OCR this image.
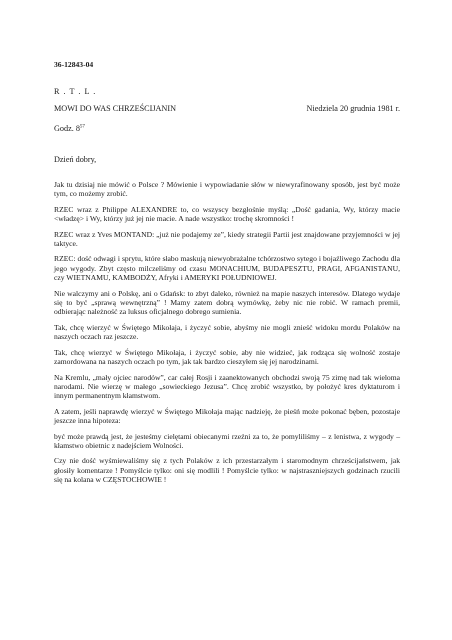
36-12843-04
R . T . L .
MOWI DO WAS CHRZEŚCIJANIN	Niedziela 20 grudnia 1981 r.
Godz. $8^{57}$
Dzień dobry,

Jak tu dzisiaj nie mówić o Polsce ? Mówienie i wypowiadanie słów w niewyrafinowany sposób, jest być może tym, co możemy zrobić.

RZEC wraz z Philippe ALEXANDRE to, co wszyscy bezgłośnie myślą: „Dość gadania, Wy, którzy macie <władzę> i Wy, którzy już jej nie macie. A nade wszystko: trochę skromności !

RZEC wraz z Yves MONTAND: „już nie podajemy ze”, kiedy strategii Partii jest znajdowane przyjemności w jej taktyce.

RZEC: dość odwagi i sprytu, które słabo maskują niewyobrażalne tchórzostwo sytego i bojaźliwego Zachodu dla jego wygody. Zbyt często milczeliśmy od czasu MONACHIUM, BUDAPESZTU, PRAGI, AFGANISTANU, czy WIETNAMU, KAMBODŻY, Afryki i AMERYKI POŁUDNIOWEJ.

Nie walczymy ani o Polskę, ani o Gdańsk: to zbyt daleko, również na mapie naszych interesów. Dlatego wydaje się to być „sprawą wewnętrzną” ! Mamy zatem dobrą wymówkę, żeby nic nie robić. W ramach premii, odbierając należność za luksus oficjalnego dobrego sumienia.

Tak, chcę wierzyć w Świętego Mikołaja, i życzyć sobie, abyśmy nie mogli znieść widoku mordu Polaków na naszych oczach raz jeszcze.

Tak, chcę wierzyć w Świętego Mikołaja, i życzyć sobie, aby nie widzieć, jak rodząca się wolność zostaje zamordowana na naszych oczach po tym, jak tak bardzo cieszyłem się jej narodzinami.

Na Kremlu, „mały ojciec narodów”, car całej Rosji i zaanektowanych obchodzi swoją 75 zimę nad tak wieloma narodami. Nie wierzę w małego „sowieckiego Jezusa”. Chcę zrobić wszystko, by położyć kres dyktaturom i innym permanentnym kłamstwom.

A zatem, jeśli naprawdę wierzyć w Świętego Mikołaja mając nadzieję, że pieśń może pokonać bęben, pozostaje jeszcze inna hipoteza:

być może prawdą jest, że jesteśmy cielętami obiecanymi rzeźni za to, że pomyliliśmy – z lenistwa, z wygody – kłamstwo obietnic z nadejściem Wolności.

Czy nie dość wyśmiewaliśmy się z tych Polaków z ich przestarzałym i staromodnym chrześcijaństwem, jak głosiły komentarze ! Pomyślcie tylko: oni się modlili ! Pomyślcie tylko: w najstraszniejszych godzinach rzucili się na kolana w CZĘSTOCHOWIE !
